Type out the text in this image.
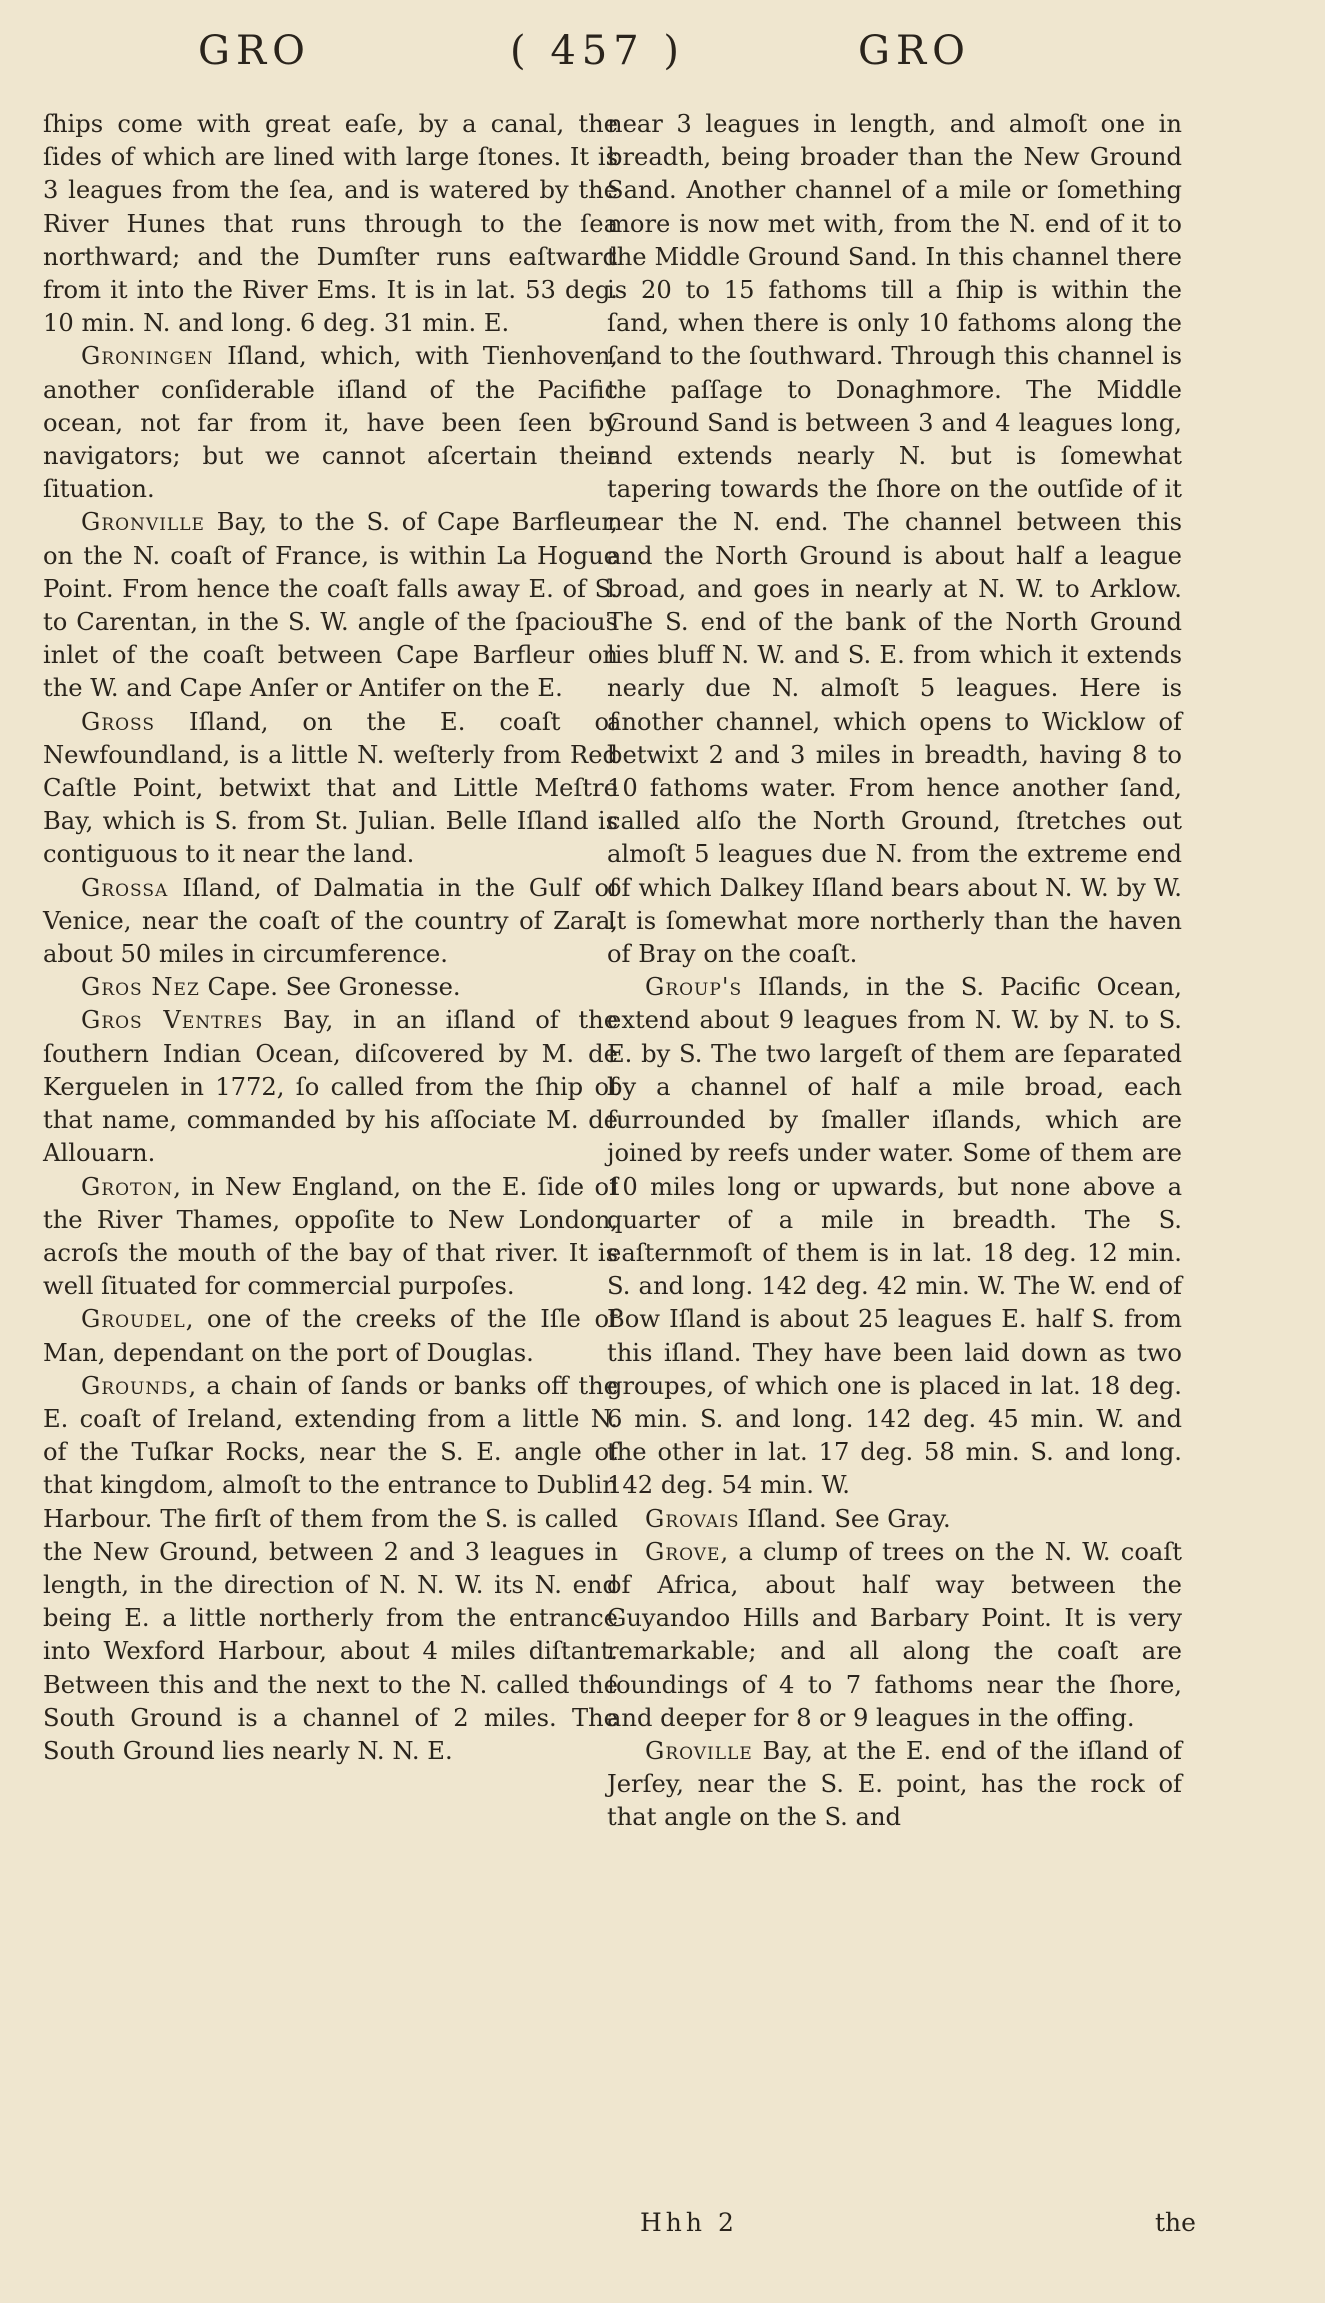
GRO	( 457 )	GRO

ſhips come with great eaſe, by a canal, the ſides of which are lined with large ſtones. It is 3 leagues from the ſea, and is watered by the River Hunes that runs through to the ſea northward; and the Dumſter runs eaſtward from it into the River Ems. It is in lat. 53 deg. 10 min. N. and long. 6 deg. 31 min. E.

Groningen Iſland, which, with Tienhoven, another conſiderable iſland of the Pacific ocean, not far from it, have been ſeen by navigators; but we cannot aſcertain their ſituation.

Gronville Bay, to the S. of Cape Barfleur, on the N. coaſt of France, is within La Hogue Point. From hence the coaſt falls away E. of S. to Carentan, in the S. W. angle of the ſpacious inlet of the coaſt between Cape Barfleur on the W. and Cape Anſer or Antifer on the E.

Gross Iſland, on the E. coaſt of Newfoundland, is a little N. weſterly from Red Caſtle Point, betwixt that and Little Meſtre Bay, which is S. from St. Julian. Belle Iſland is contiguous to it near the land.

Grossa Iſland, of Dalmatia in the Gulf of Venice, near the coaſt of the country of Zara, about 50 miles in circumference.

Gros Nez Cape. See Gronesse.

Gros Ventres Bay, in an iſland of the ſouthern Indian Ocean, diſcovered by M. de Kerguelen in 1772, ſo called from the ſhip of that name, commanded by his aſſociate M. de Allouarn.

Groton, in New England, on the E. ſide of the River Thames, oppoſite to New London, acroſs the mouth of the bay of that river. It is well ſituated for commercial purpoſes.

Groudel, one of the creeks of the Iſle of Man, dependant on the port of Douglas.

Grounds, a chain of ſands or banks off the E. coaſt of Ireland, extending from a little N. of the Tuſkar Rocks, near the S. E. angle of that kingdom, almoſt to the entrance to Dublin Harbour. The firſt of them from the S. is called the New Ground, between 2 and 3 leagues in length, in the direction of N. N. W. its N. end being E. a little northerly from the entrance into Wexford Harbour, about 4 miles diſtant. Between this and the next to the N. called the South Ground is a channel of 2 miles. The South Ground lies nearly N. N. E.

near 3 leagues in length, and almoſt one in breadth, being broader than the New Ground Sand. Another channel of a mile or ſomething more is now met with, from the N. end of it to the Middle Ground Sand. In this channel there is 20 to 15 fathoms till a ſhip is within the ſand, when there is only 10 fathoms along the ſand to the ſouthward. Through this channel is the paſſage to Donaghmore. The Middle Ground Sand is between 3 and 4 leagues long, and extends nearly N. but is ſomewhat tapering towards the ſhore on the outſide of it near the N. end. The channel between this and the North Ground is about half a league broad, and goes in nearly at N. W. to Arklow. The S. end of the bank of the North Ground lies bluff N. W. and S. E. from which it extends nearly due N. almoſt 5 leagues. Here is another channel, which opens to Wicklow of betwixt 2 and 3 miles in breadth, having 8 to 10 fathoms water. From hence another ſand, called alſo the North Ground, ſtretches out almoſt 5 leagues due N. from the extreme end of which Dalkey Iſland bears about N. W. by W. It is ſomewhat more northerly than the haven of Bray on the coaſt.

Group's Iſlands, in the S. Pacific Ocean, extend about 9 leagues from N. W. by N. to S. E. by S. The two largeſt of them are ſeparated by a channel of half a mile broad, each ſurrounded by ſmaller iſlands, which are joined by reefs under water. Some of them are 10 miles long or upwards, but none above a quarter of a mile in breadth. The S. eaſternmoſt of them is in lat. 18 deg. 12 min. S. and long. 142 deg. 42 min. W. The W. end of Bow Iſland is about 25 leagues E. half S. from this iſland. They have been laid down as two groupes, of which one is placed in lat. 18 deg. 6 min. S. and long. 142 deg. 45 min. W. and the other in lat. 17 deg. 58 min. S. and long. 142 deg. 54 min. W.

Grovais Iſland. See Gray.

Grove, a clump of trees on the N. W. coaſt of Africa, about half way between the Guyandoo Hills and Barbary Point. It is very remarkable; and all along the coaſt are ſoundings of 4 to 7 fathoms near the ſhore, and deeper for 8 or 9 leagues in the offing.

Groville Bay, at the E. end of the iſland of Jerſey, near the S. E. point, has the rock of that angle on the S. and

Hhh 2	the
